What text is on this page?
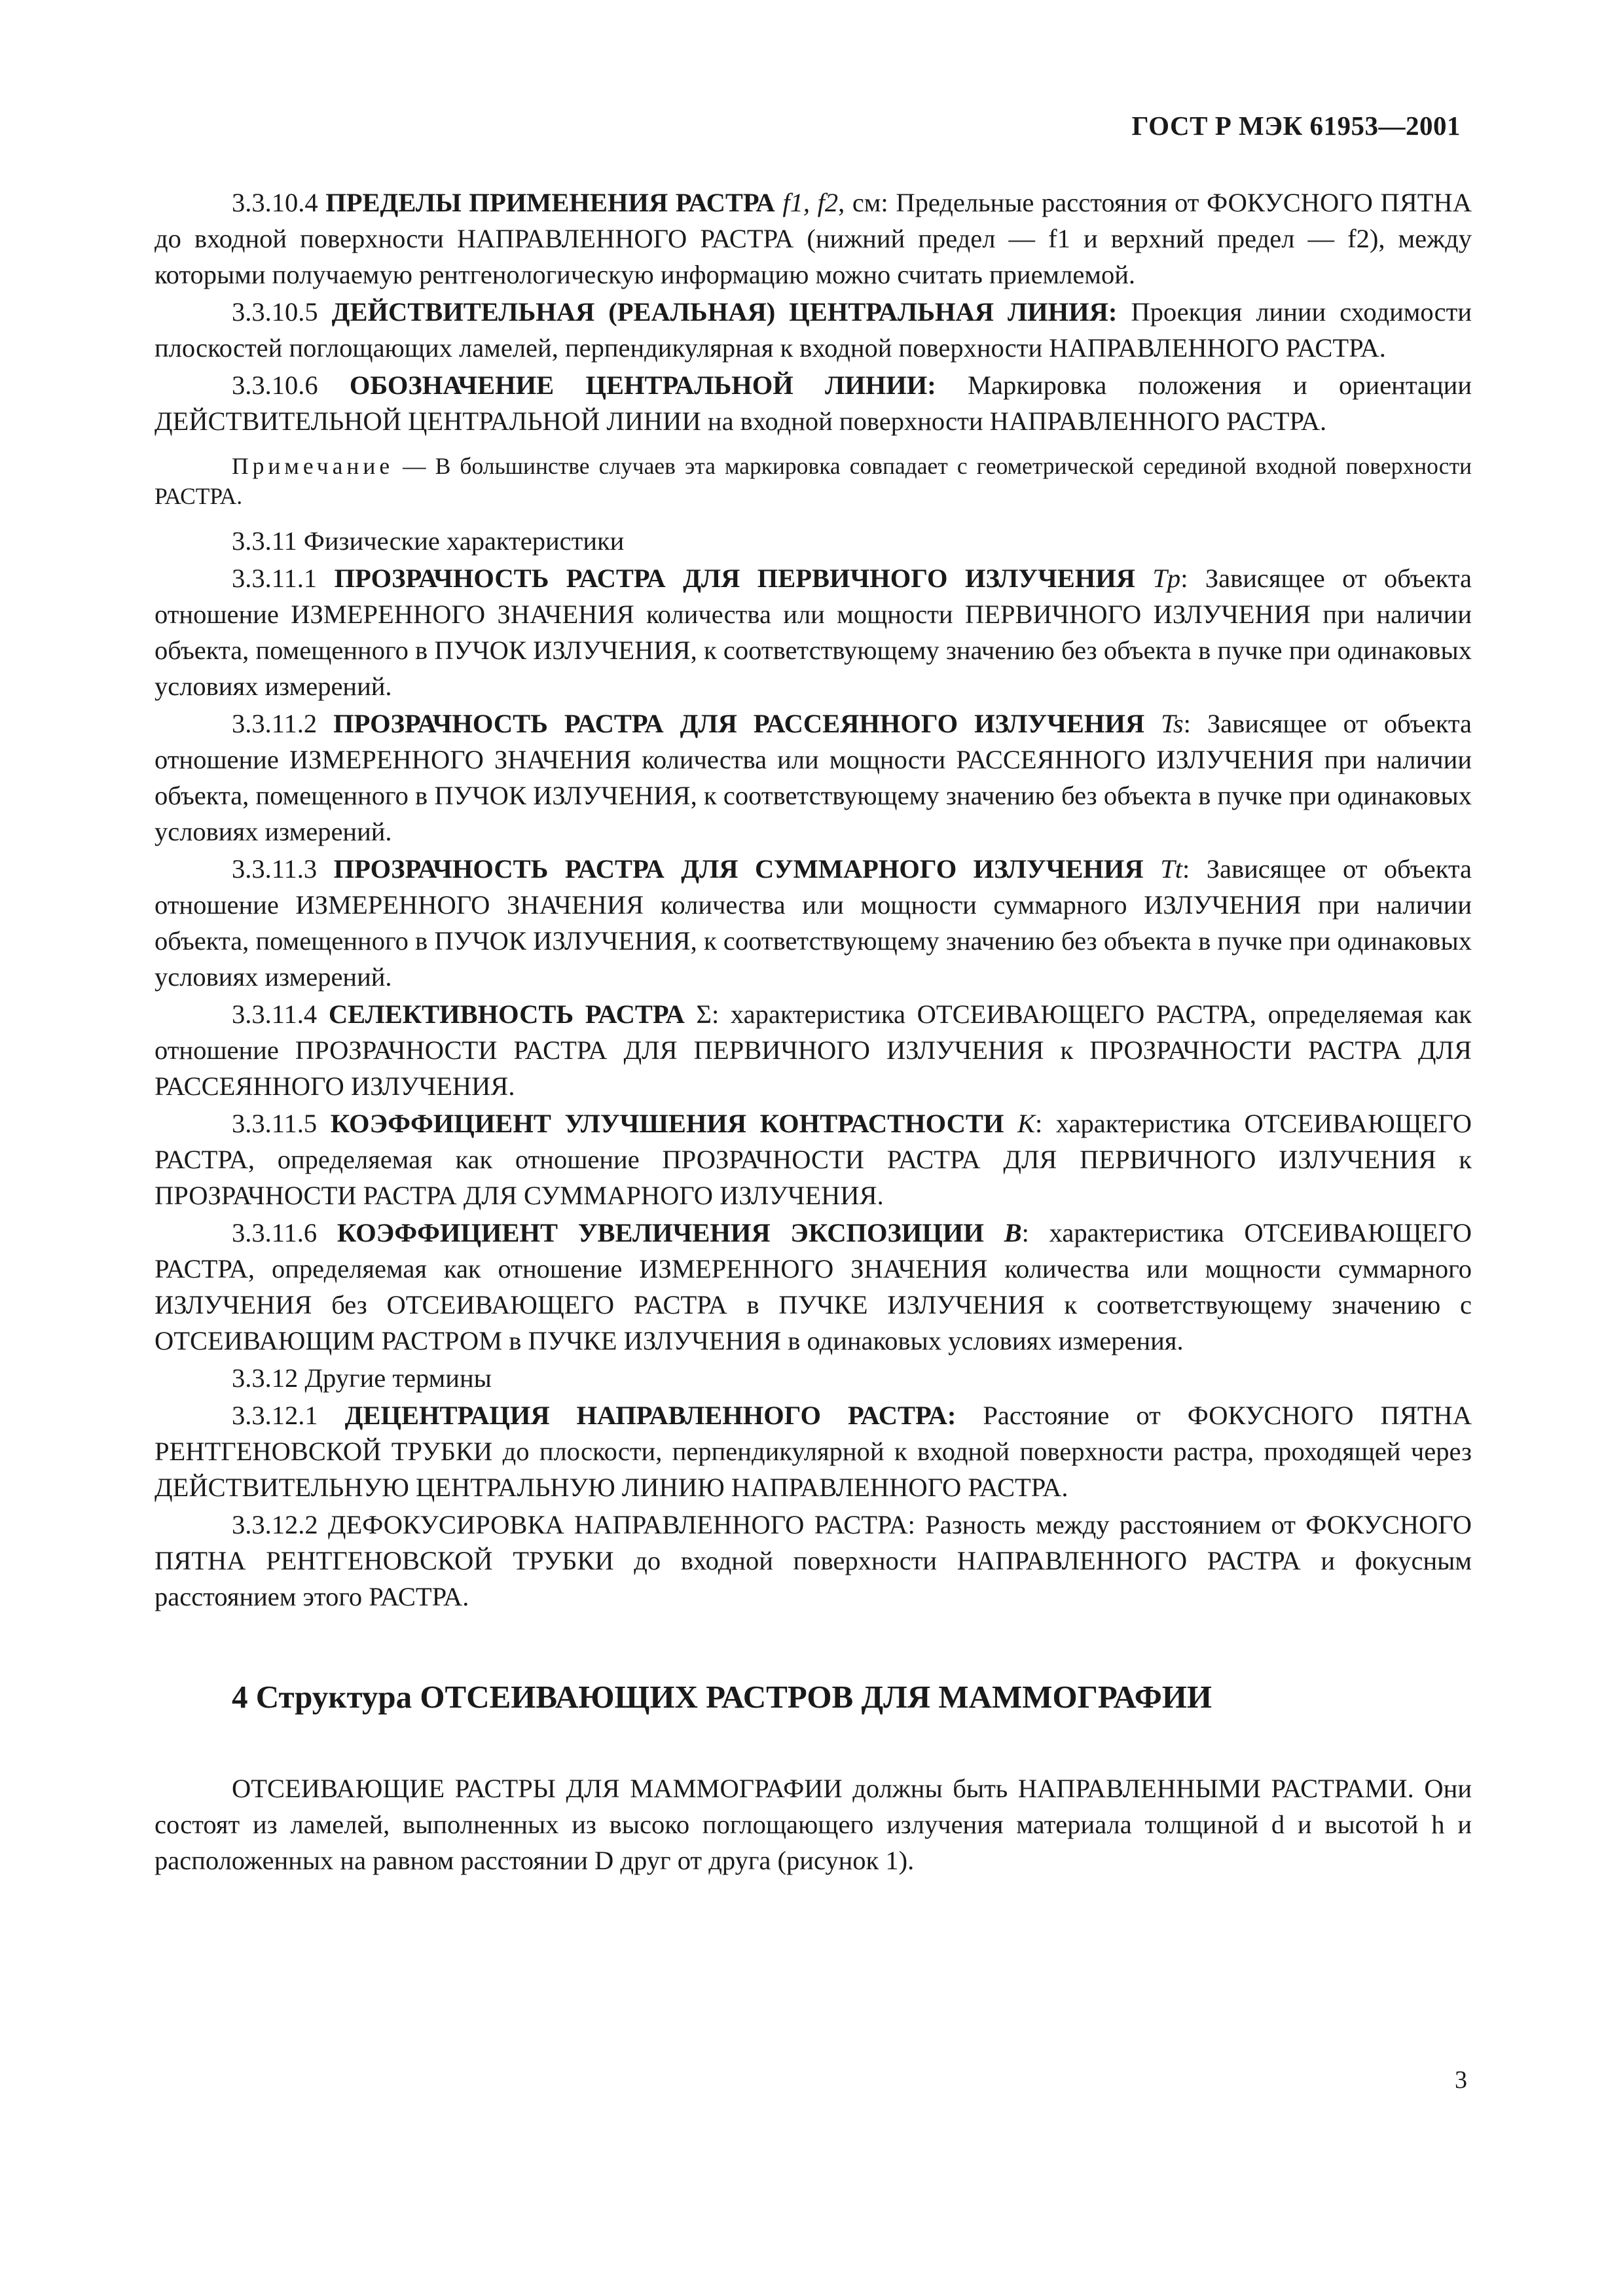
ГОСТ Р МЭК 61953—2001

3.3.10.4 ПРЕДЕЛЫ ПРИМЕНЕНИЯ РАСТРА f1, f2, см: Предельные расстояния от ФОКУСНОГО ПЯТНА до входной поверхности НАПРАВЛЕННОГО РАСТРА (нижний предел — f1 и верхний предел — f2), между которыми получаемую рентгенологическую информацию можно считать приемлемой.

3.3.10.5 ДЕЙСТВИТЕЛЬНАЯ (РЕАЛЬНАЯ) ЦЕНТРАЛЬНАЯ ЛИНИЯ: Проекция линии сходимости плоскостей поглощающих ламелей, перпендикулярная к входной поверхности НАПРАВЛЕННОГО РАСТРА.

3.3.10.6 ОБОЗНАЧЕНИЕ ЦЕНТРАЛЬНОЙ ЛИНИИ: Маркировка положения и ориентации ДЕЙСТВИТЕЛЬНОЙ ЦЕНТРАЛЬНОЙ ЛИНИИ на входной поверхности НАПРАВЛЕННОГО РАСТРА.

Примечание — В большинстве случаев эта маркировка совпадает с геометрической серединой входной поверхности РАСТРА.

3.3.11 Физические характеристики

3.3.11.1 ПРОЗРАЧНОСТЬ РАСТРА ДЛЯ ПЕРВИЧНОГО ИЗЛУЧЕНИЯ Tp: Зависящее от объекта отношение ИЗМЕРЕННОГО ЗНАЧЕНИЯ количества или мощности ПЕРВИЧНОГО ИЗЛУЧЕНИЯ при наличии объекта, помещенного в ПУЧОК ИЗЛУЧЕНИЯ, к соответствующему значению без объекта в пучке при одинаковых условиях измерений.

3.3.11.2 ПРОЗРАЧНОСТЬ РАСТРА ДЛЯ РАССЕЯННОГО ИЗЛУЧЕНИЯ Ts: Зависящее от объекта отношение ИЗМЕРЕННОГО ЗНАЧЕНИЯ количества или мощности РАССЕЯННОГО ИЗЛУЧЕНИЯ при наличии объекта, помещенного в ПУЧОК ИЗЛУЧЕНИЯ, к соответствующему значению без объекта в пучке при одинаковых условиях измерений.

3.3.11.3 ПРОЗРАЧНОСТЬ РАСТРА ДЛЯ СУММАРНОГО ИЗЛУЧЕНИЯ Tt: Зависящее от объекта отношение ИЗМЕРЕННОГО ЗНАЧЕНИЯ количества или мощности суммарного ИЗЛУЧЕНИЯ при наличии объекта, помещенного в ПУЧОК ИЗЛУЧЕНИЯ, к соответствующему значению без объекта в пучке при одинаковых условиях измерений.

3.3.11.4 СЕЛЕКТИВНОСТЬ РАСТРА Σ: характеристика ОТСЕИВАЮЩЕГО РАСТРА, определяемая как отношение ПРОЗРАЧНОСТИ РАСТРА ДЛЯ ПЕРВИЧНОГО ИЗЛУЧЕНИЯ к ПРОЗРАЧНОСТИ РАСТРА ДЛЯ РАССЕЯННОГО ИЗЛУЧЕНИЯ.

3.3.11.5 КОЭФФИЦИЕНТ УЛУЧШЕНИЯ КОНТРАСТНОСТИ K: характеристика ОТСЕИВАЮЩЕГО РАСТРА, определяемая как отношение ПРОЗРАЧНОСТИ РАСТРА ДЛЯ ПЕРВИЧНОГО ИЗЛУЧЕНИЯ к ПРОЗРАЧНОСТИ РАСТРА ДЛЯ СУММАРНОГО ИЗЛУЧЕНИЯ.

3.3.11.6 КОЭФФИЦИЕНТ УВЕЛИЧЕНИЯ ЭКСПОЗИЦИИ B: характеристика ОТСЕИВАЮЩЕГО РАСТРА, определяемая как отношение ИЗМЕРЕННОГО ЗНАЧЕНИЯ количества или мощности суммарного ИЗЛУЧЕНИЯ без ОТСЕИВАЮЩЕГО РАСТРА в ПУЧКЕ ИЗЛУЧЕНИЯ к соответствующему значению с ОТСЕИВАЮЩИМ РАСТРОМ в ПУЧКЕ ИЗЛУЧЕНИЯ в одинаковых условиях измерения.

3.3.12 Другие термины

3.3.12.1 ДЕЦЕНТРАЦИЯ НАПРАВЛЕННОГО РАСТРА: Расстояние от ФОКУСНОГО ПЯТНА РЕНТГЕНОВСКОЙ ТРУБКИ до плоскости, перпендикулярной к входной поверхности растра, проходящей через ДЕЙСТВИТЕЛЬНУЮ ЦЕНТРАЛЬНУЮ ЛИНИЮ НАПРАВЛЕННОГО РАСТРА.

3.3.12.2 ДЕФОКУСИРОВКА НАПРАВЛЕННОГО РАСТРА: Разность между расстоянием от ФОКУСНОГО ПЯТНА РЕНТГЕНОВСКОЙ ТРУБКИ до входной поверхности НАПРАВЛЕННОГО РАСТРА и фокусным расстоянием этого РАСТРА.

4 Структура ОТСЕИВАЮЩИХ РАСТРОВ ДЛЯ МАММОГРАФИИ

ОТСЕИВАЮЩИЕ РАСТРЫ ДЛЯ МАММОГРАФИИ должны быть НАПРАВЛЕННЫМИ РАСТРАМИ. Они состоят из ламелей, выполненных из высоко поглощающего излучения материала толщиной d и высотой h и расположенных на равном расстоянии D друг от друга (рисунок 1).

3
